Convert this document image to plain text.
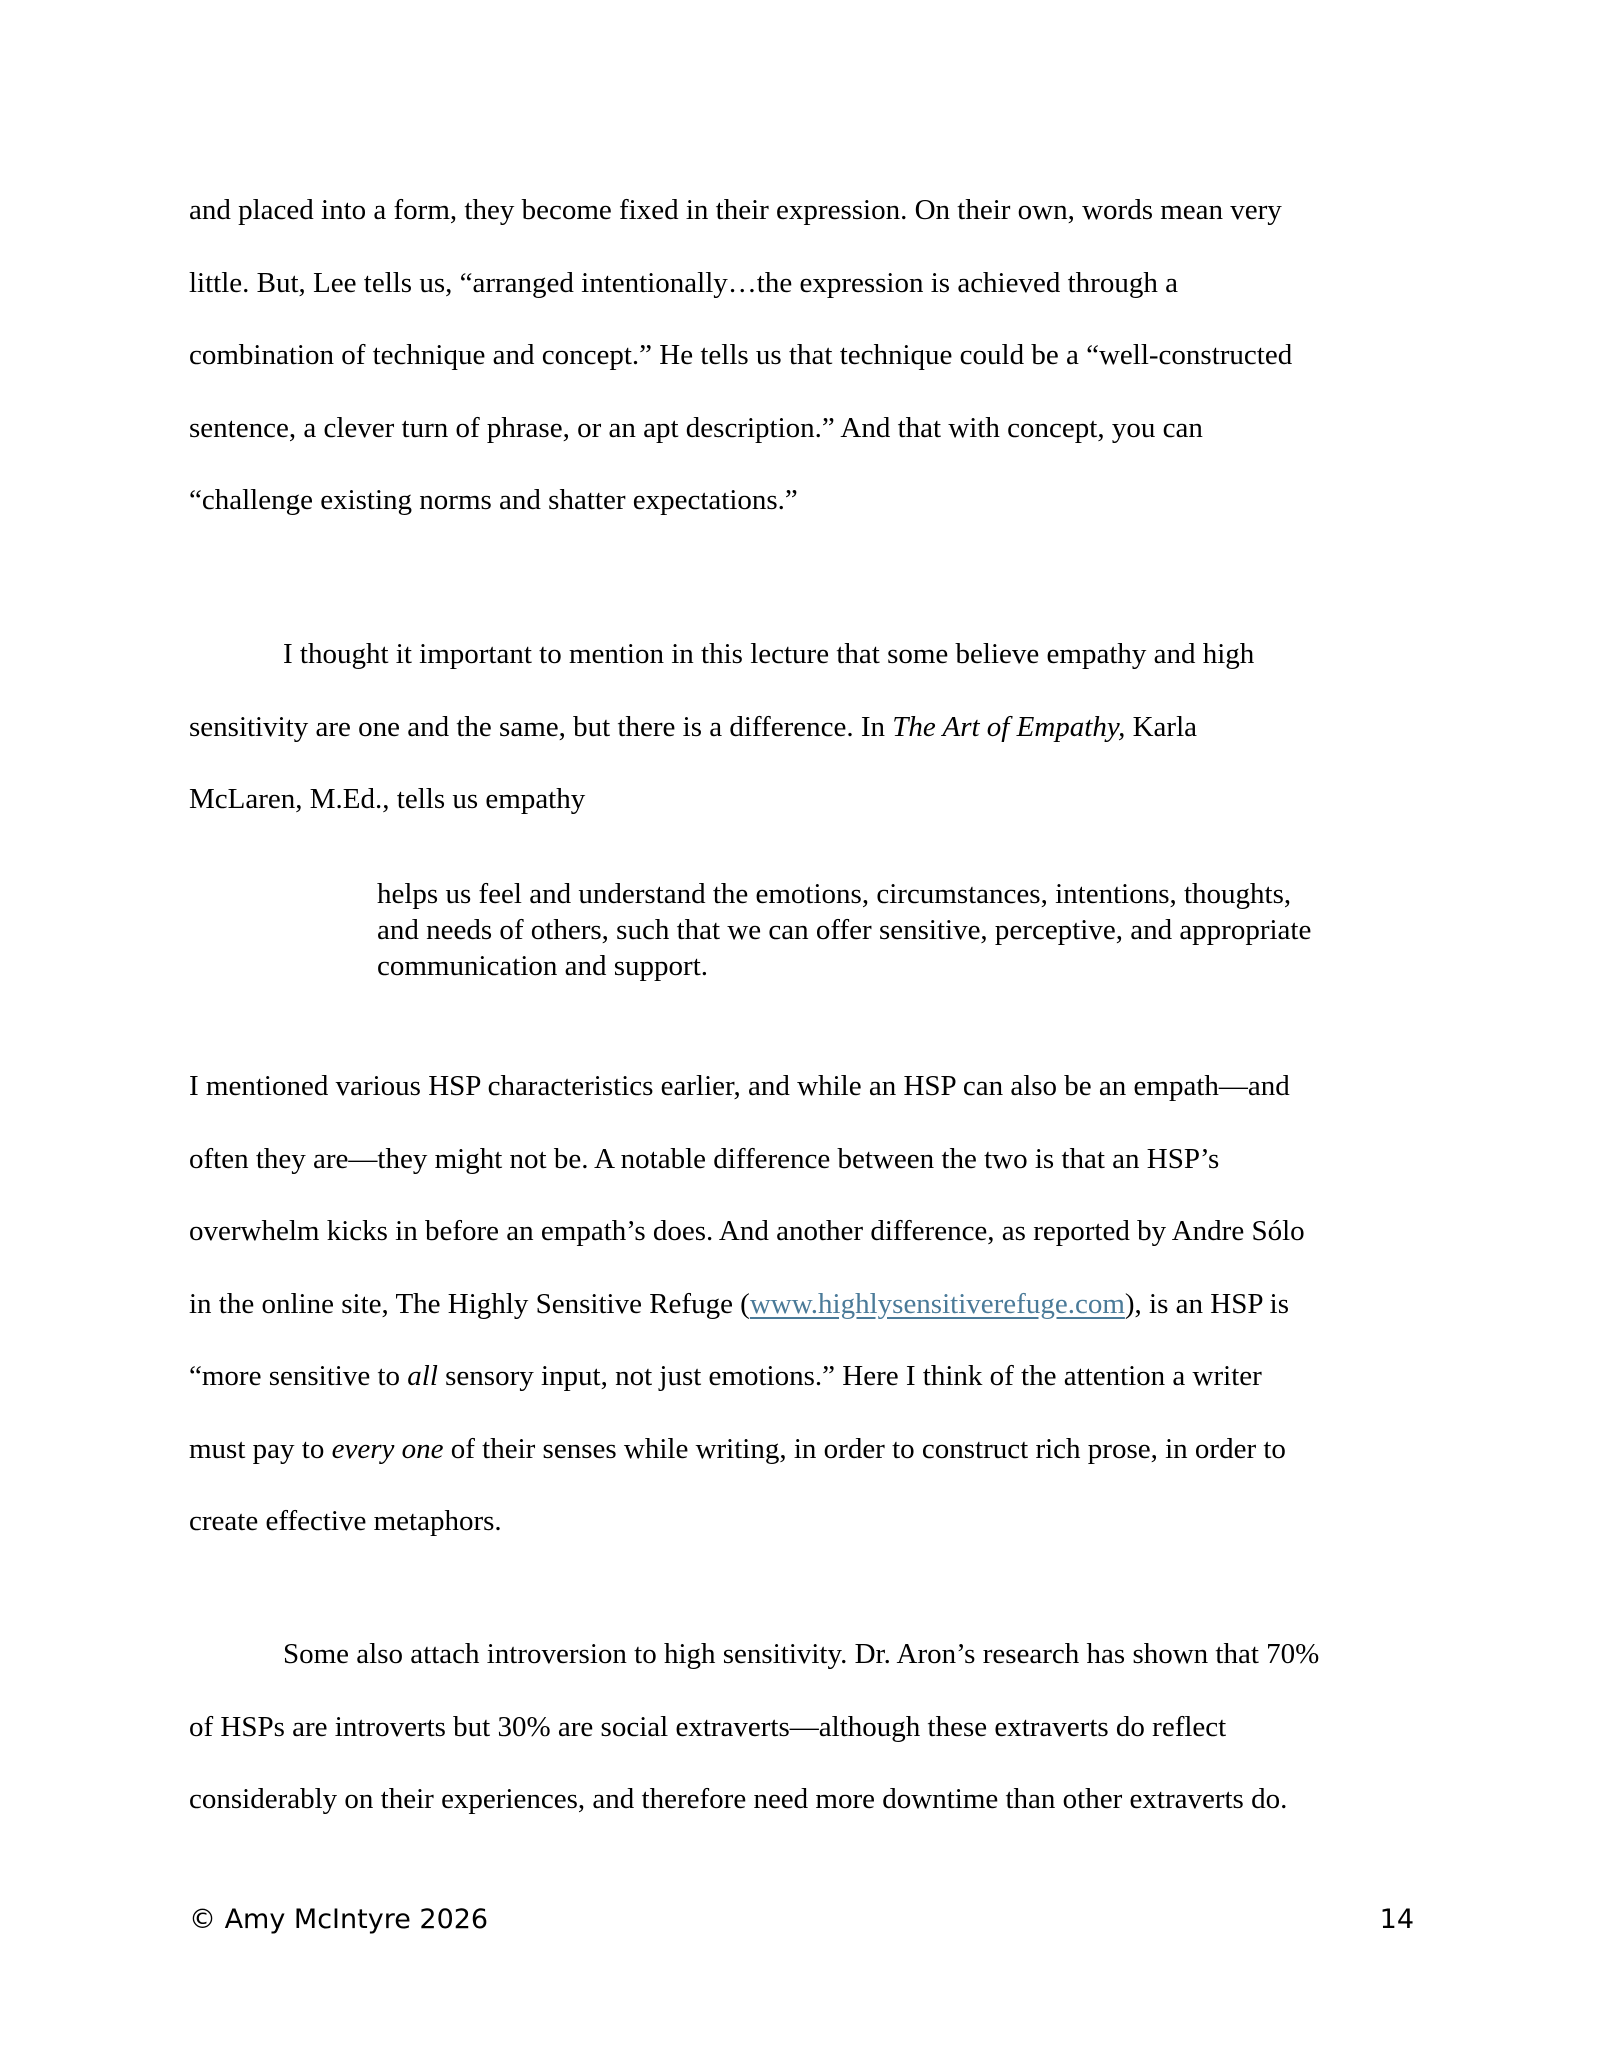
and placed into a form, they become fixed in their expression. On their own, words mean very
little. But, Lee tells us, “arranged intentionally…the expression is achieved through a
combination of technique and concept.” He tells us that technique could be a “well-constructed
sentence, a clever turn of phrase, or an apt description.” And that with concept, you can
“challenge existing norms and shatter expectations.”
I thought it important to mention in this lecture that some believe empathy and high
sensitivity are one and the same, but there is a difference. In The Art of Empathy, Karla
McLaren, M.Ed., tells us empathy
helps us feel and understand the emotions, circumstances, intentions, thoughts,
and needs of others, such that we can offer sensitive, perceptive, and appropriate
communication and support.
I mentioned various HSP characteristics earlier, and while an HSP can also be an empath—and
often they are—they might not be. A notable difference between the two is that an HSP’s
overwhelm kicks in before an empath’s does. And another difference, as reported by Andre Sólo
in the online site, The Highly Sensitive Refuge (www.highlysensitiverefuge.com), is an HSP is
“more sensitive to all sensory input, not just emotions.” Here I think of the attention a writer
must pay to every one of their senses while writing, in order to construct rich prose, in order to
create effective metaphors.
Some also attach introversion to high sensitivity. Dr. Aron’s research has shown that 70%
of HSPs are introverts but 30% are social extraverts—although these extraverts do reflect
considerably on their experiences, and therefore need more downtime than other extraverts do.
© Amy McIntyre 2026	14
